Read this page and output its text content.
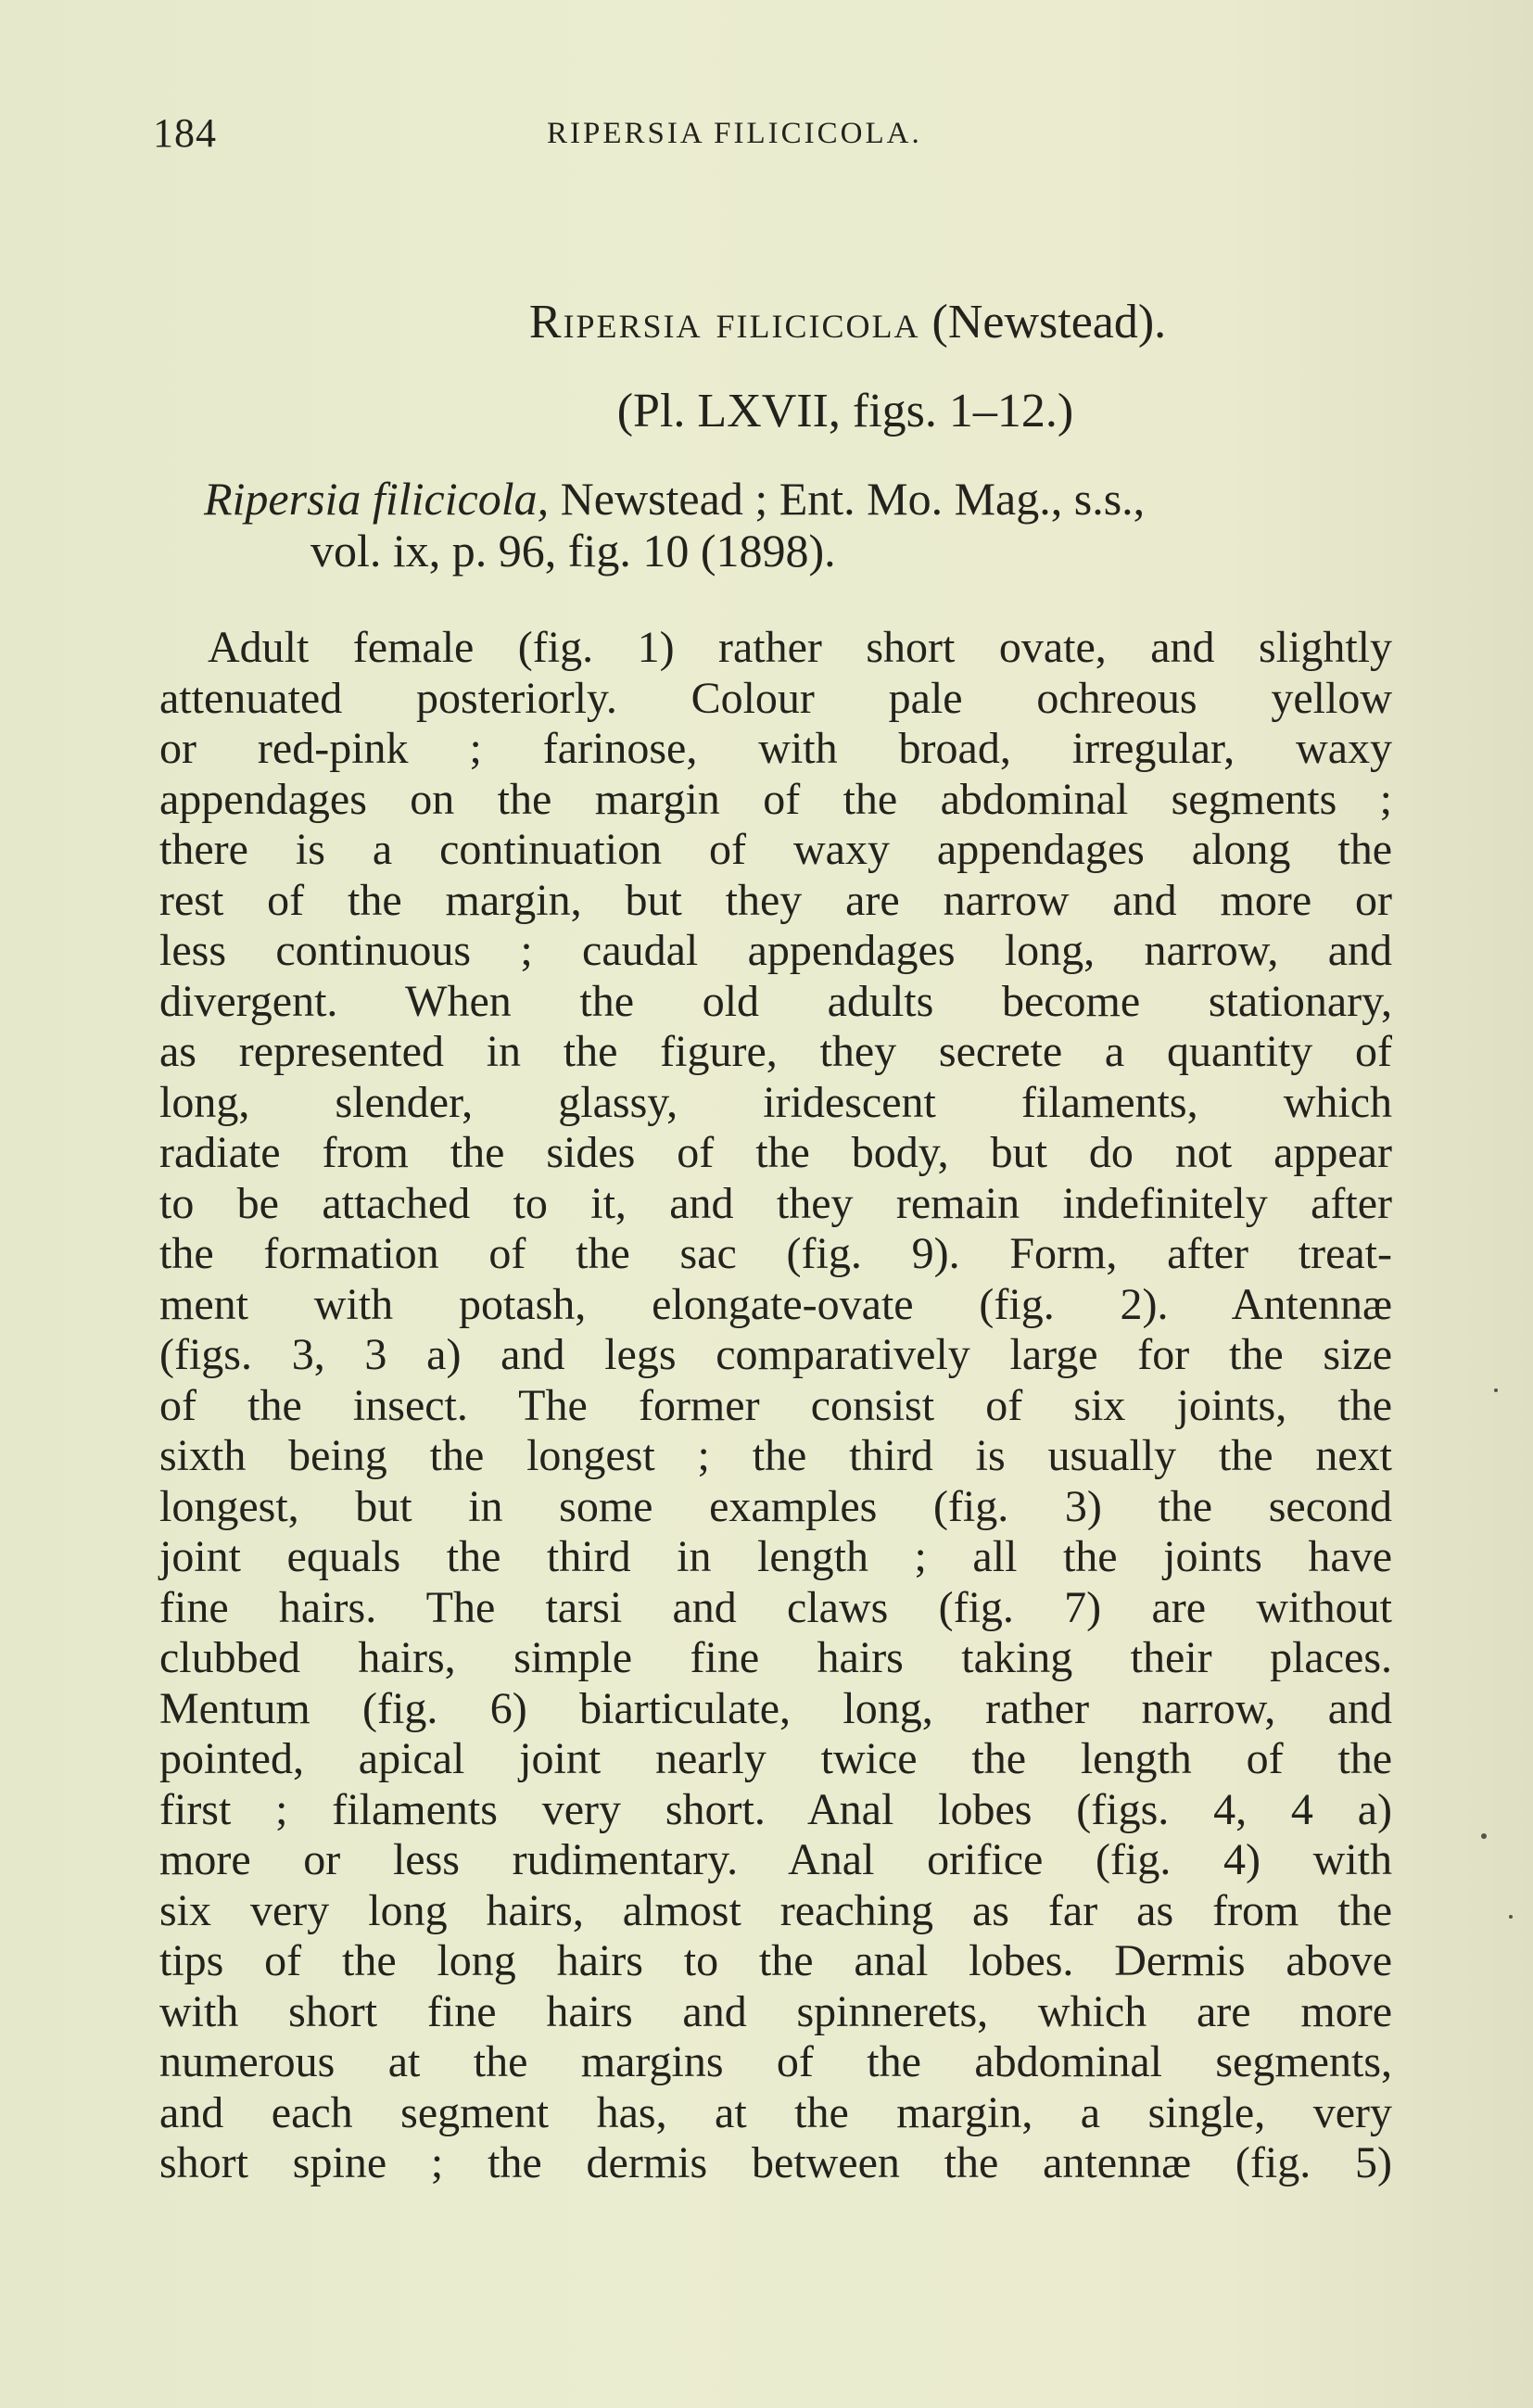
184	RIPERSIA FILICICOLA.
Ripersia filicicola (Newstead).
(Pl. LXVII, figs. 1–12.)
Ripersia filicicola, Newstead ; Ent. Mo. Mag., s.s.,
vol. ix, p. 96, fig. 10 (1898).
Adult female (fig. 1) rather short ovate, and slightly
attenuated posteriorly. Colour pale ochreous yellow
or red-pink ; farinose, with broad, irregular, waxy
appendages on the margin of the abdominal segments ;
there is a continuation of waxy appendages along the
rest of the margin, but they are narrow and more or
less continuous ; caudal appendages long, narrow, and
divergent. When the old adults become stationary,
as represented in the figure, they secrete a quantity of
long, slender, glassy, iridescent filaments, which
radiate from the sides of the body, but do not appear
to be attached to it, and they remain indefinitely after
the formation of the sac (fig. 9). Form, after treat-
ment with potash, elongate-ovate (fig. 2). Antennæ
(figs. 3, 3 a) and legs comparatively large for the size
of the insect. The former consist of six joints, the
sixth being the longest ; the third is usually the next
longest, but in some examples (fig. 3) the second
joint equals the third in length ; all the joints have
fine hairs. The tarsi and claws (fig. 7) are without
clubbed hairs, simple fine hairs taking their places.
Mentum (fig. 6) biarticulate, long, rather narrow, and
pointed, apical joint nearly twice the length of the
first ; filaments very short. Anal lobes (figs. 4, 4 a)
more or less rudimentary. Anal orifice (fig. 4) with
six very long hairs, almost reaching as far as from the
tips of the long hairs to the anal lobes. Dermis above
with short fine hairs and spinnerets, which are more
numerous at the margins of the abdominal segments,
and each segment has, at the margin, a single, very
short spine ; the dermis between the antennæ (fig. 5)
